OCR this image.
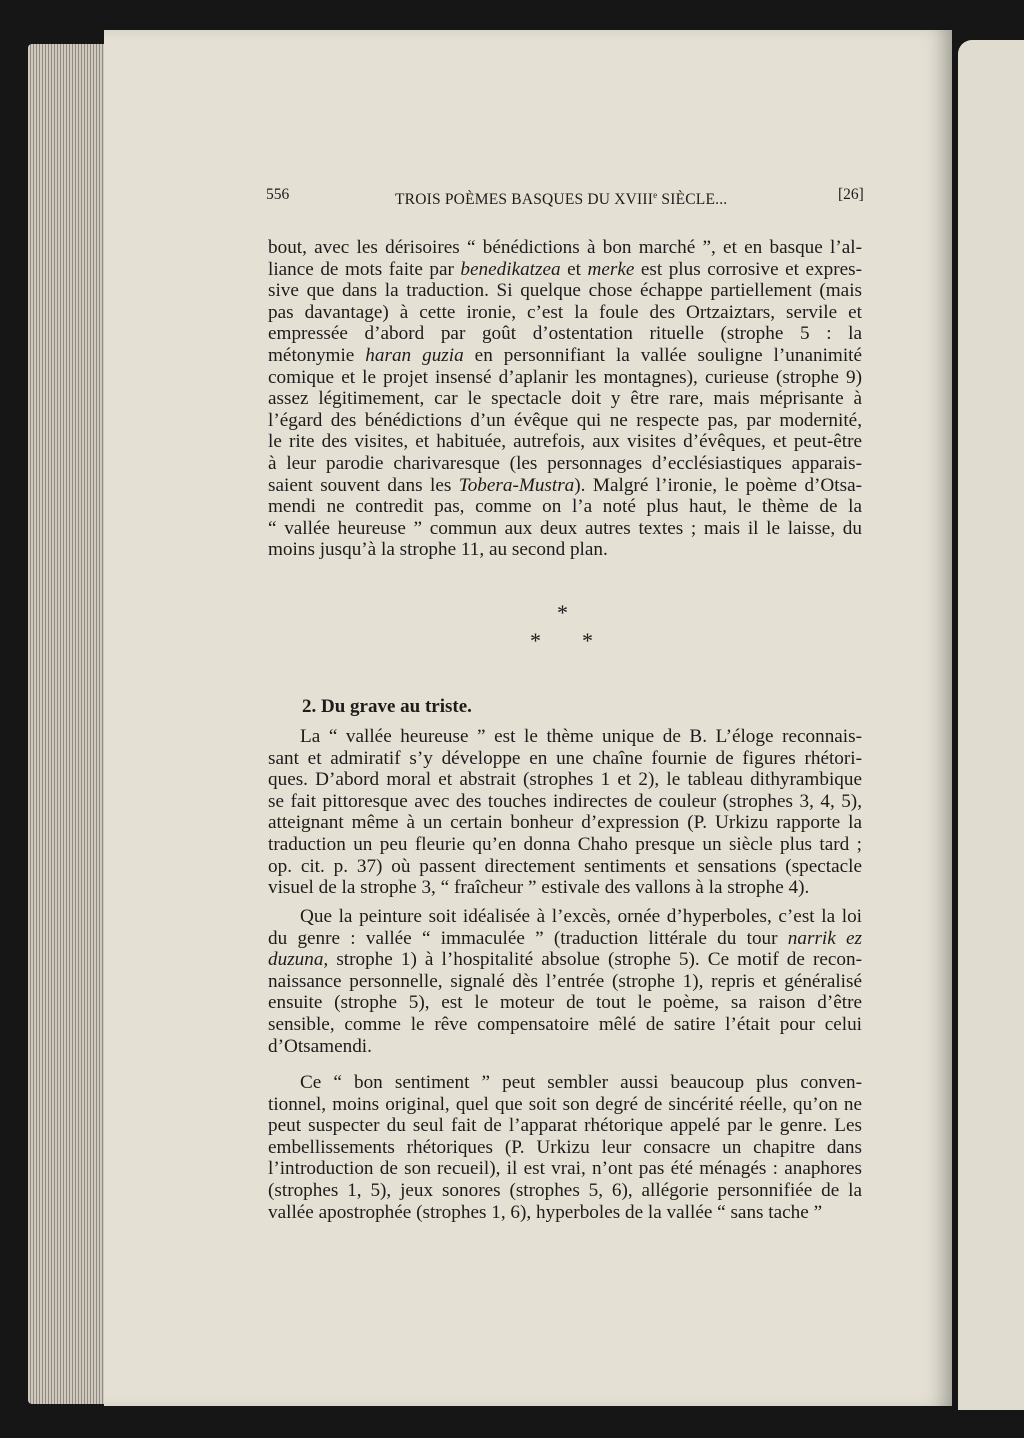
556	TROIS POÈMES BASQUES DU XVIIIe SIÈCLE...	[26]
bout, avec les dérisoires “ bénédictions à bon marché ”, et en basque l’al-
liance de mots faite par benedikatzea et merke est plus corrosive et expres-
sive que dans la traduction. Si quelque chose échappe partiellement (mais
pas davantage) à cette ironie, c’est la foule des Ortzaiztars, servile et
empressée d’abord par goût d’ostentation rituelle (strophe 5 : la
métonymie haran guzia en personnifiant la vallée souligne l’unanimité
comique et le projet insensé d’aplanir les montagnes), curieuse (strophe 9)
assez légitimement, car le spectacle doit y être rare, mais méprisante à
l’égard des bénédictions d’un évêque qui ne respecte pas, par modernité,
le rite des visites, et habituée, autrefois, aux visites d’évêques, et peut-être
à leur parodie charivaresque (les personnages d’ecclésiastiques apparais-
saient souvent dans les Tobera-Mustra). Malgré l’ironie, le poème d’Otsa-
mendi ne contredit pas, comme on l’a noté plus haut, le thème de la
“ vallée heureuse ” commun aux deux autres textes ; mais il le laisse, du
moins jusqu’à la strophe 11, au second plan.
*
* *
2. Du grave au triste.
La “ vallée heureuse ” est le thème unique de B. L’éloge reconnais-
sant et admiratif s’y développe en une chaîne fournie de figures rhétori-
ques. D’abord moral et abstrait (strophes 1 et 2), le tableau dithyrambique
se fait pittoresque avec des touches indirectes de couleur (strophes 3, 4, 5),
atteignant même à un certain bonheur d’expression (P. Urkizu rapporte la
traduction un peu fleurie qu’en donna Chaho presque un siècle plus tard ;
op. cit. p. 37) où passent directement sentiments et sensations (spectacle
visuel de la strophe 3, “ fraîcheur ” estivale des vallons à la strophe 4).
Que la peinture soit idéalisée à l’excès, ornée d’hyperboles, c’est la loi
du genre : vallée “ immaculée ” (traduction littérale du tour narrik ez
duzuna, strophe 1) à l’hospitalité absolue (strophe 5). Ce motif de recon-
naissance personnelle, signalé dès l’entrée (strophe 1), repris et généralisé
ensuite (strophe 5), est le moteur de tout le poème, sa raison d’être
sensible, comme le rêve compensatoire mêlé de satire l’était pour celui
d’Otsamendi.
Ce “ bon sentiment ” peut sembler aussi beaucoup plus conven-
tionnel, moins original, quel que soit son degré de sincérité réelle, qu’on ne
peut suspecter du seul fait de l’apparat rhétorique appelé par le genre. Les
embellissements rhétoriques (P. Urkizu leur consacre un chapitre dans
l’introduction de son recueil), il est vrai, n’ont pas été ménagés : anaphores
(strophes 1, 5), jeux sonores (strophes 5, 6), allégorie personnifiée de la
vallée apostrophée (strophes 1, 6), hyperboles de la vallée “ sans tache ”
